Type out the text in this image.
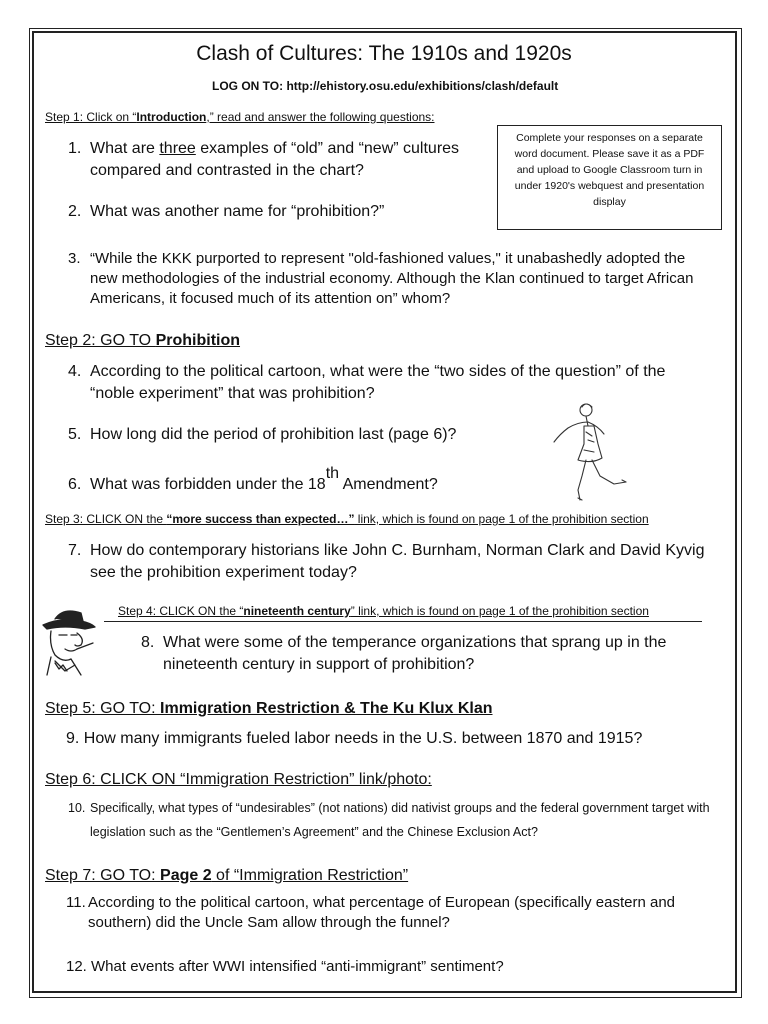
Clash of Cultures: The 1910s and 1920s
LOG ON TO: http://ehistory.osu.edu/exhibitions/clash/default
Step 1: Click on “Introduction,” read and answer the following questions:
Complete your responses on a separate word document. Please save it as a PDF and upload to Google Classroom turn in under 1920's webquest and presentation display
1. What are three examples of “old” and “new” cultures compared and contrasted in the chart?
2. What was another name for “prohibition?”
3. “While the KKK purported to represent "old-fashioned values," it unabashedly adopted the new methodologies of the industrial economy. Although the Klan continued to target African Americans, it focused much of its attention on” whom?
Step 2: GO TO Prohibition
4. According to the political cartoon, what were the “two sides of the question” of the “noble experiment” that was prohibition?
5. How long did the period of prohibition last (page 6)?
6. What was forbidden under the 18th Amendment?
Step 3: CLICK ON the “more success than expected…” link, which is found on page 1 of the prohibition section
7. How do contemporary historians like John C. Burnham, Norman Clark and David Kyvig see the prohibition experiment today?
Step 4: CLICK ON the “nineteenth century” link, which is found on page 1 of the prohibition section
8. What were some of the temperance organizations that sprang up in the nineteenth century in support of prohibition?
Step 5: GO TO: Immigration Restriction & The Ku Klux Klan
9. How many immigrants fueled labor needs in the U.S. between 1870 and 1915?
Step 6: CLICK ON “Immigration Restriction” link/photo:
10. Specifically, what types of “undesirables” (not nations) did nativist groups and the federal government target with legislation such as the “Gentlemen’s Agreement” and the Chinese Exclusion Act?
Step 7: GO TO: Page 2 of “Immigration Restriction”
11. According to the political cartoon, what percentage of European (specifically eastern and southern) did the Uncle Sam allow through the funnel?
12. What events after WWI intensified “anti-immigrant” sentiment?
